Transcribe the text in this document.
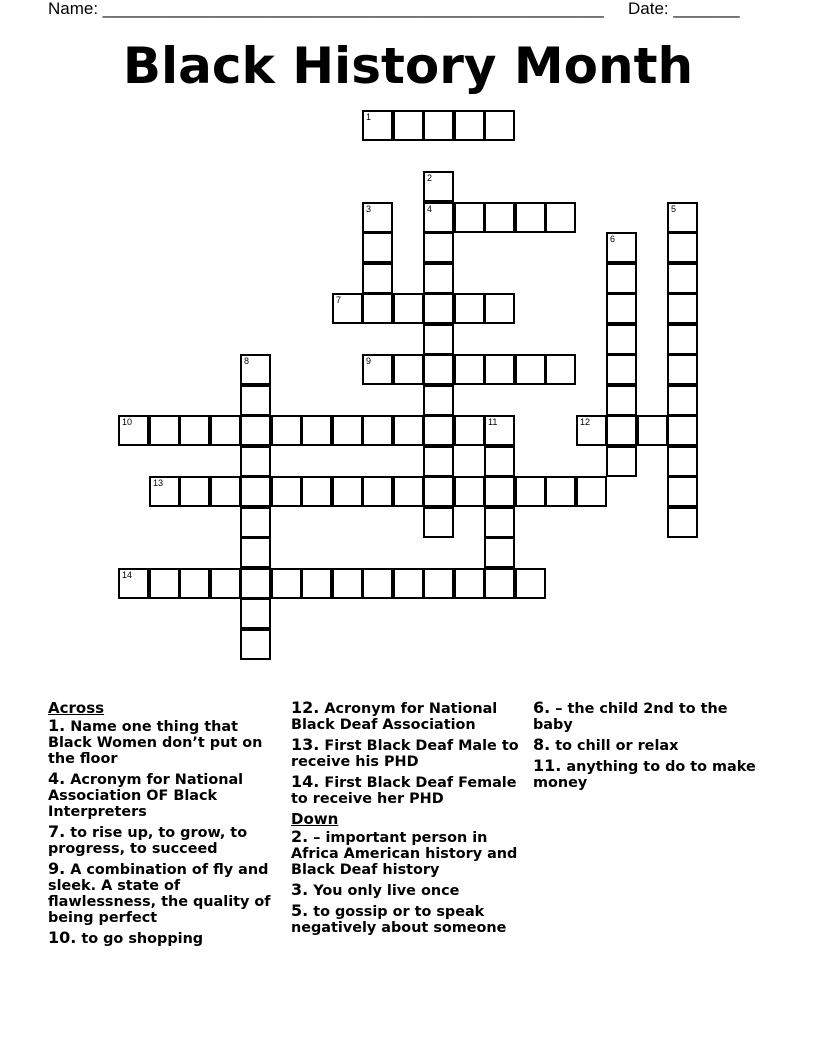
Name: _____________________________________________________ Date: _______
Black History Month
1
2
4
3	5
6
7
8	9
10	11	12
13
14
Across
1. Name one thing that Black Women don’t put on the floor
4. Acronym for National Association OF Black Interpreters
7. to rise up, to grow, to progress, to succeed
9. A combination of fly and sleek. A state of flawlessness, the quality of being perfect
10. to go shopping
12. Acronym for National Black Deaf Association
13. First Black Deaf Male to receive his PHD
14. First Black Deaf Female to receive her PHD
Down
2. – important person in Africa American history and Black Deaf history
3. You only live once
5. to gossip or to speak negatively about someone
6. – the child 2nd to the baby
8. to chill or relax
11. anything to do to make money
